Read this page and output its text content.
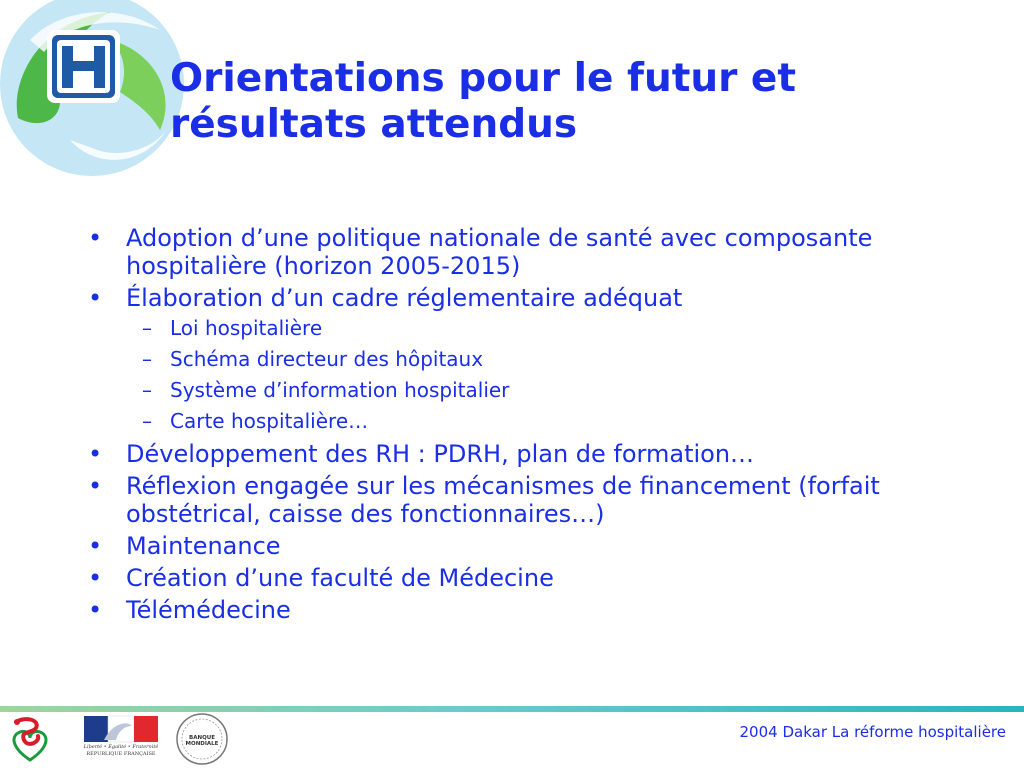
Orientations pour le futur et
résultats attendus
• Adoption d’une politique nationale de santé avec composante hospitalière (horizon 2005-2015)
• Élaboration d’un cadre réglementaire adéquat
– Loi hospitalière
– Schéma directeur des hôpitaux
– Système d’information hospitalier
– Carte hospitalière…
• Développement des RH : PDRH, plan de formation…
• Réflexion engagée sur les mécanismes de financement (forfait obstétrical, caisse des fonctionnaires…)
• Maintenance
• Création d’une faculté de Médecine
• Télémédecine
Liberté • Égalité • Fraternité
RÉPUBLIQUE FRANÇAISE
BANQUE MONDIALE
2004 Dakar La réforme hospitalière
